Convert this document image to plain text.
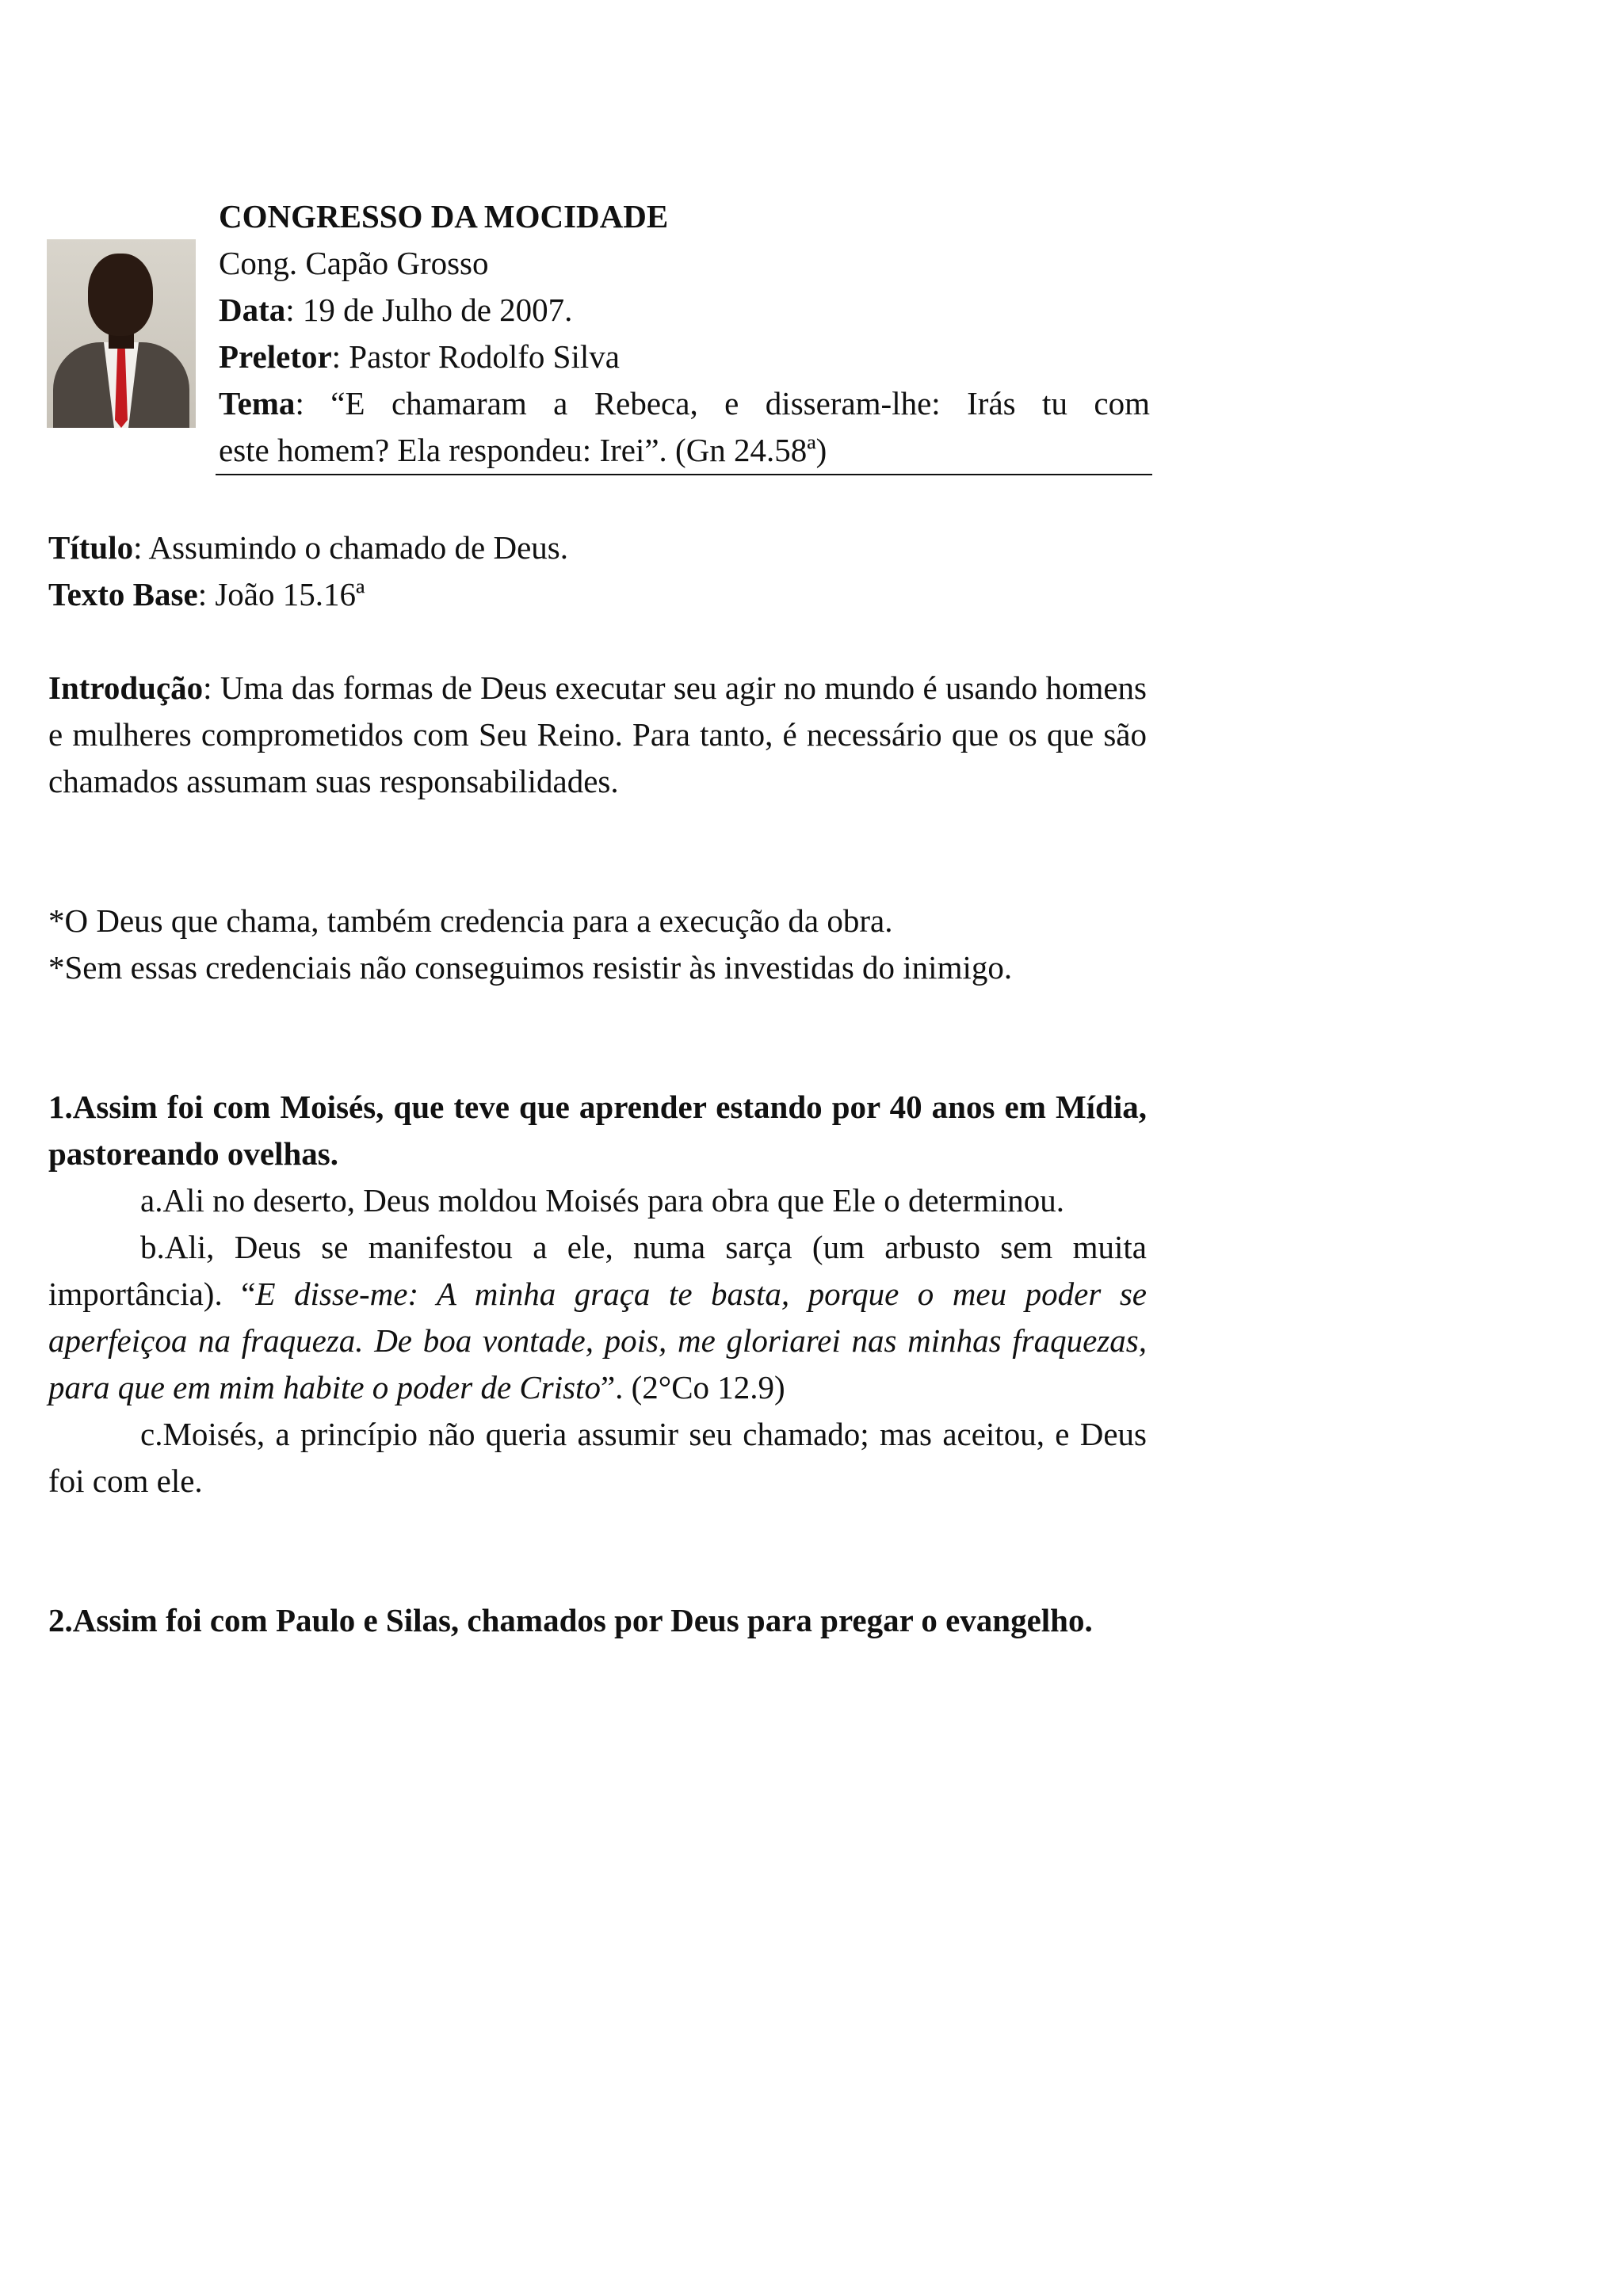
CONGRESSO DA MOCIDADE
Cong. Capão Grosso
Data: 19 de Julho de 2007.
Preletor: Pastor Rodolfo Silva
Tema: “E chamaram a Rebeca, e disseram-lhe: Irás tu com
este homem? Ela respondeu: Irei”. (Gn 24.58ª)

Título: Assumindo o chamado de Deus.

Texto Base: João 15.16ª

Introdução: Uma das formas de Deus executar seu agir no mundo é usando homens e mulheres comprometidos com Seu Reino. Para tanto, é necessário que os que são chamados assumam suas responsabilidades.

*O Deus que chama, também credencia para a execução da obra.

*Sem essas credenciais não conseguimos resistir às investidas do inimigo.

1.Assim foi com Moisés, que teve que aprender estando por 40 anos em Mídia, pastoreando ovelhas.

a.Ali no deserto, Deus moldou Moisés para obra que Ele o determinou.

b.Ali, Deus se manifestou a ele, numa sarça (um arbusto sem muita importância). “E disse-me: A minha graça te basta, porque o meu poder se aperfeiçoa na fraqueza. De boa vontade, pois, me gloriarei nas minhas fraquezas, para que em mim habite o poder de Cristo”. (2°Co 12.9)

c.Moisés, a princípio não queria assumir seu chamado; mas aceitou, e Deus foi com ele.

2.Assim foi com Paulo e Silas, chamados por Deus para pregar o evangelho.
